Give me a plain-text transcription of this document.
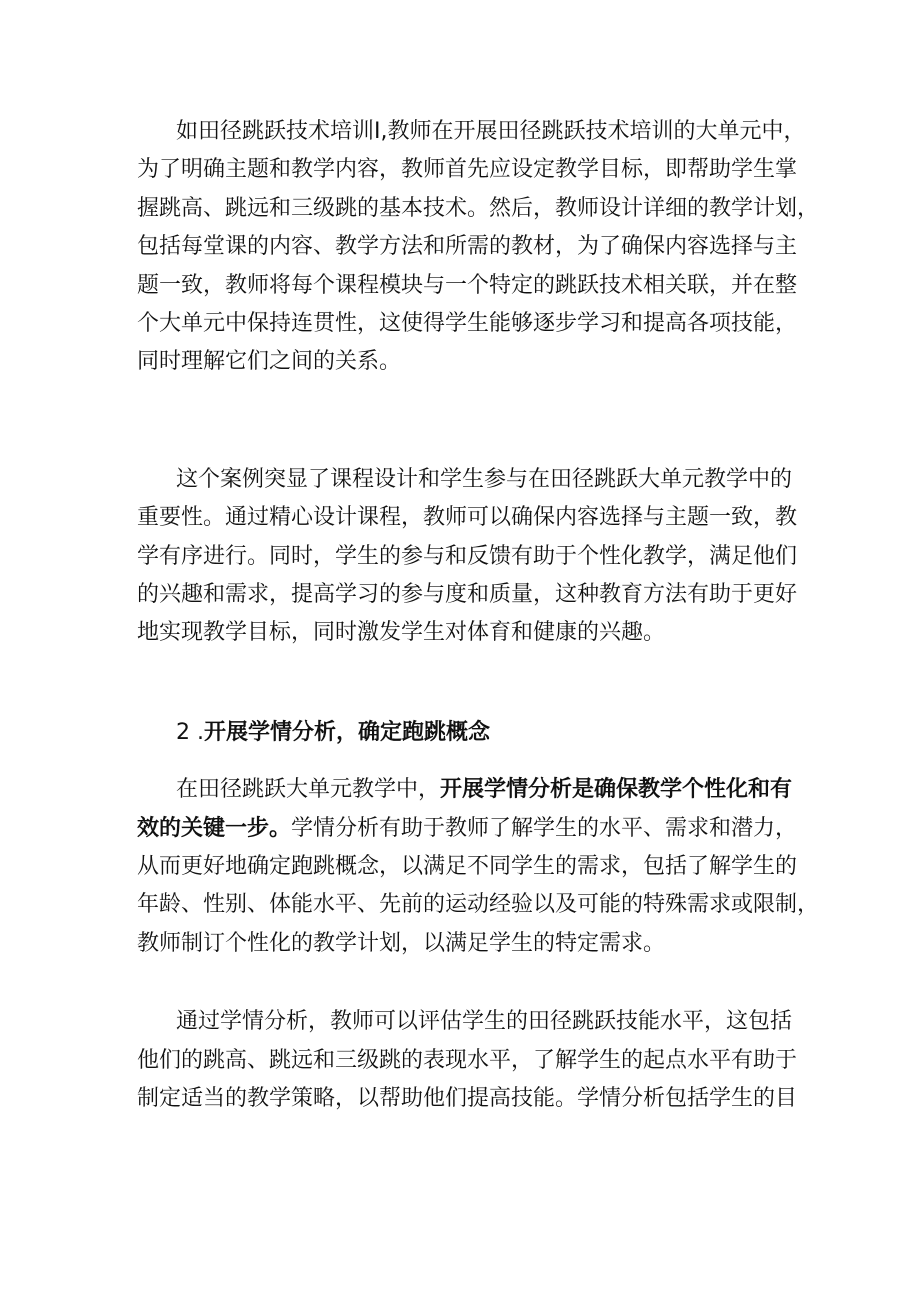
如田径跳跃技术培训Ⅰ,教师在开展田径跳跃技术培训的大单元中，
为了明确主题和教学内容，教师首先应设定教学目标，即帮助学生掌
握跳高、跳远和三级跳的基本技术。然后，教师设计详细的教学计划，
包括每堂课的内容、教学方法和所需的教材，为了确保内容选择与主
题一致，教师将每个课程模块与一个特定的跳跃技术相关联，并在整
个大单元中保持连贯性，这使得学生能够逐步学习和提高各项技能，
同时理解它们之间的关系。
这个案例突显了课程设计和学生参与在田径跳跃大单元教学中的
重要性。通过精心设计课程，教师可以确保内容选择与主题一致，教
学有序进行。同时，学生的参与和反馈有助于个性化教学，满足他们
的兴趣和需求，提高学习的参与度和质量，这种教育方法有助于更好
地实现教学目标，同时激发学生对体育和健康的兴趣。
2 .开展学情分析，确定跑跳概念
在田径跳跃大单元教学中，开展学情分析是确保教学个性化和有
效的关键一步。学情分析有助于教师了解学生的水平、需求和潜力，
从而更好地确定跑跳概念，以满足不同学生的需求，包括了解学生的
年龄、性别、体能水平、先前的运动经验以及可能的特殊需求或限制，
教师制订个性化的教学计划，以满足学生的特定需求。
通过学情分析，教师可以评估学生的田径跳跃技能水平，这包括
他们的跳高、跳远和三级跳的表现水平，了解学生的起点水平有助于
制定适当的教学策略，以帮助他们提高技能。学情分析包括学生的目
